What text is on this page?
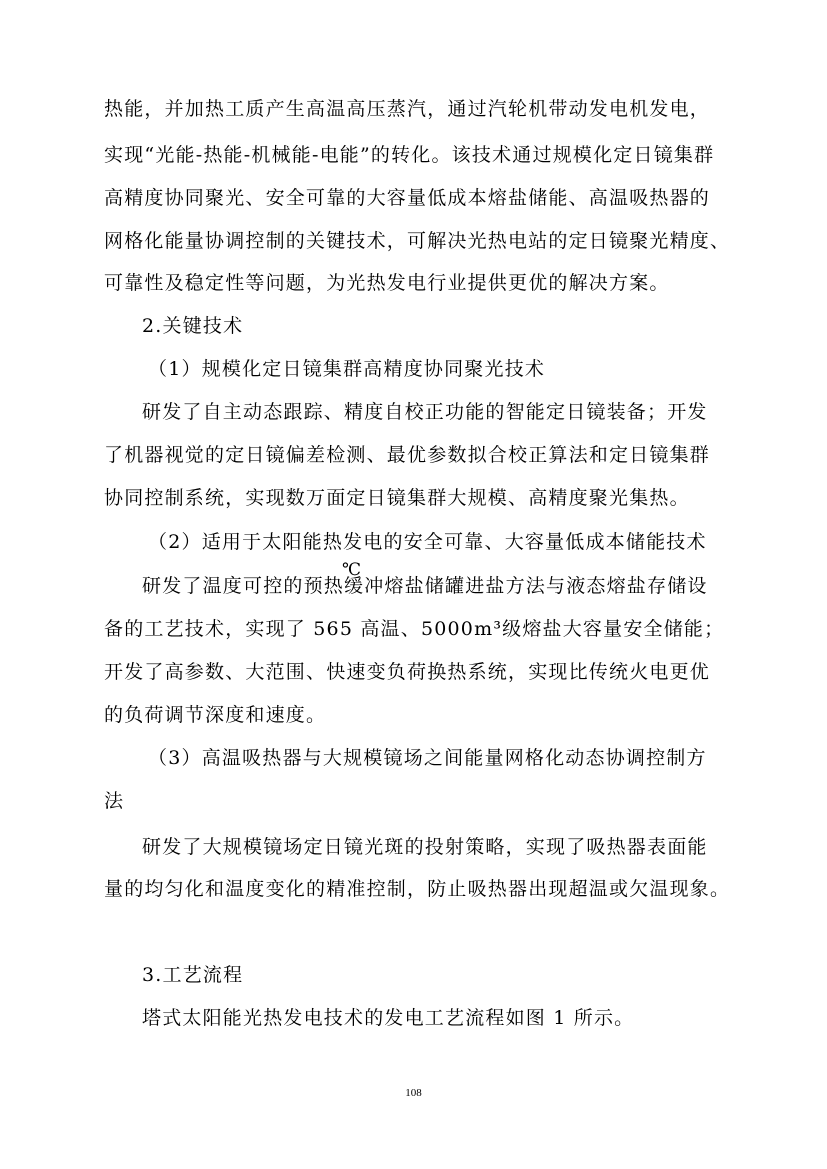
热能，并加热工质产生高温高压蒸汽，通过汽轮机带动发电机发电，
实现“光能-热能-机械能-电能”的转化。该技术通过规模化定日镜集群
高精度协同聚光、安全可靠的大容量低成本熔盐储能、高温吸热器的
网格化能量协调控制的关键技术，可解决光热电站的定日镜聚光精度、
可靠性及稳定性等问题，为光热发电行业提供更优的解决方案。
2.关键技术
（1）规模化定日镜集群高精度协同聚光技术
研发了自主动态跟踪、精度自校正功能的智能定日镜装备；开发
了机器视觉的定日镜偏差检测、最优参数拟合校正算法和定日镜集群
协同控制系统，实现数万面定日镜集群大规模、高精度聚光集热。
（2）适用于太阳能热发电的安全可靠、大容量低成本储能技术
℃
研发了温度可控的预热缓冲熔盐储罐进盐方法与液态熔盐存储设
备的工艺技术，实现了 565 高温、5000m³级熔盐大容量安全储能；
开发了高参数、大范围、快速变负荷换热系统，实现比传统火电更优
的负荷调节深度和速度。
（3）高温吸热器与大规模镜场之间能量网格化动态协调控制方
法
研发了大规模镜场定日镜光斑的投射策略，实现了吸热器表面能
量的均匀化和温度变化的精准控制，防止吸热器出现超温或欠温现象。
3.工艺流程
塔式太阳能光热发电技术的发电工艺流程如图 1 所示。
108
